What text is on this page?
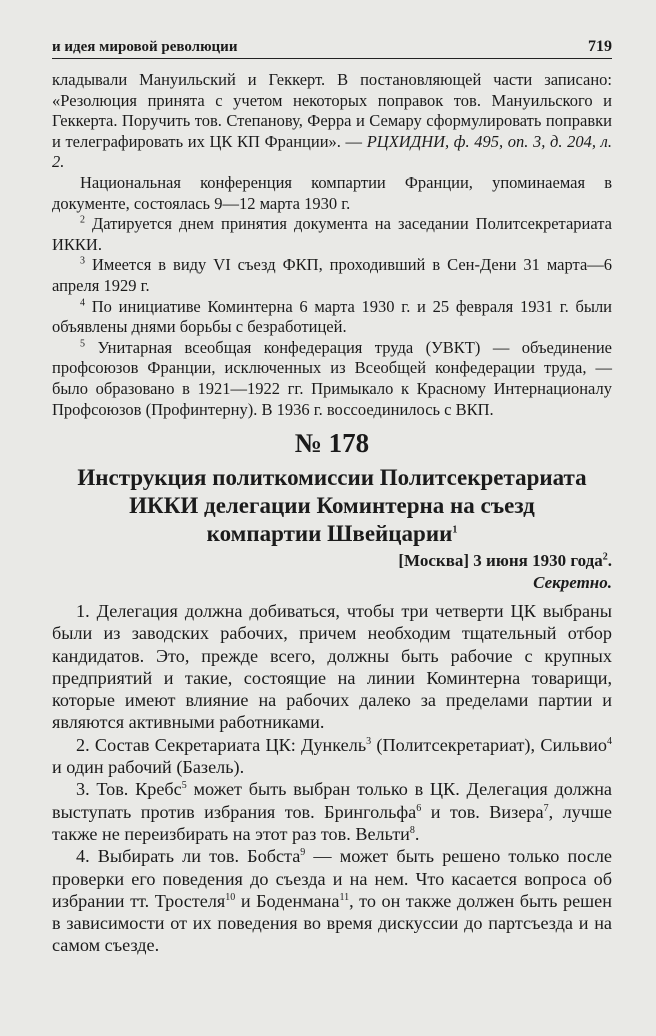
и идея мировой революции	719

кладывали Мануильский и Геккерт. В постановляющей части записано: «Резолюция принята с учетом некоторых поправок тов. Мануильского и Геккерта. Поручить тов. Степанову, Ферра и Семару сформулировать поправки и телеграфировать их ЦК КП Франции». — РЦХИДНИ, ф. 495, оп. 3, д. 204, л. 2.

Национальная конференция компартии Франции, упоминаемая в документе, состоялась 9—12 марта 1930 г.

$^2$ Датируется днем принятия документа на заседании Политсекретариата ИККИ.

$^3$ Имеется в виду VI съезд ФКП, проходивший в Сен-Дени 31 марта—6 апреля 1929 г.

$^4$ По инициативе Коминтерна 6 марта 1930 г. и 25 февраля 1931 г. были объявлены днями борьбы с безработицей.

$^5$ Унитарная всеобщая конфедерация труда (УВКТ) — объединение профсоюзов Франции, исключенных из Всеобщей конфедерации труда, — было образовано в 1921—1922 гг. Примыкало к Красному Интернационалу Профсоюзов (Профинтерну). В 1936 г. воссоединилось с ВКП.

№ 178
Инструкция политкомиссии Политсекретариата
ИККИ делегации Коминтерна на съезд
компартии Швейцарии$^1$
[Москва] 3 июня 1930 года$^2$.
Секретно.

1. Делегация должна добиваться, чтобы три четверти ЦК выбраны были из заводских рабочих, причем необходим тщательный отбор кандидатов. Это, прежде всего, должны быть рабочие с крупных предприятий и такие, состоящие на линии Коминтерна товарищи, которые имеют влияние на рабочих далеко за пределами партии и являются активными работниками.

2. Состав Секретариата ЦК: Дункель$^3$ (Политсекретариат), Сильвио$^4$ и один рабочий (Базель).

3. Тов. Кребс$^5$ может быть выбран только в ЦК. Делегация должна выступать против избрания тов. Брингольфа$^6$ и тов. Визера$^7$, лучше также не переизбирать на этот раз тов. Вельти$^8$.

4. Выбирать ли тов. Бобста$^9$ — может быть решено только после проверки его поведения до съезда и на нем. Что касается вопроса об избрании тт. Тростеля$^{10}$ и Боденмана$^{11}$, то он также должен быть решен в зависимости от их поведения во время дискуссии до партсъезда и на самом съезде.
